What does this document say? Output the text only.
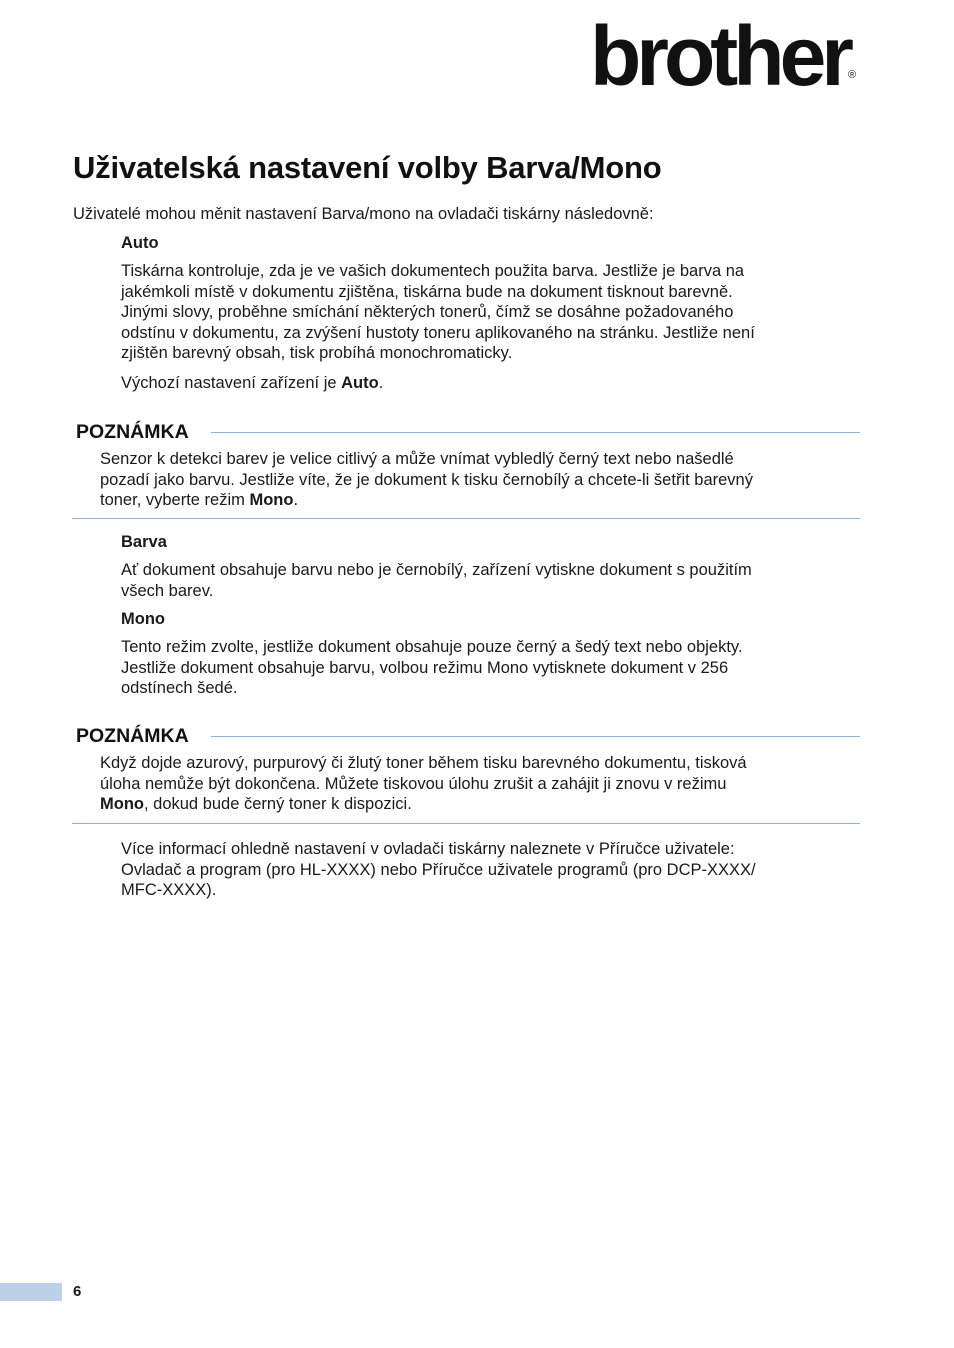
brother ®
Uživatelská nastavení volby Barva/Mono

Uživatelé mohou měnit nastavení Barva/mono na ovladači tiskárny následovně:

Auto

Tiskárna kontroluje, zda je ve vašich dokumentech použita barva. Jestliže je barva na
jakémkoli místě v dokumentu zjištěna, tiskárna bude na dokument tisknout barevně.
Jinými slovy, proběhne smíchání některých tonerů, čímž se dosáhne požadovaného
odstínu v dokumentu, za zvýšení hustoty toneru aplikovaného na stránku. Jestliže není
zjištěn barevný obsah, tisk probíhá monochromaticky.

Výchozí nastavení zařízení je Auto.

POZNÁMKA
Senzor k detekci barev je velice citlivý a může vnímat vybledlý černý text nebo našedlé
pozadí jako barvu. Jestliže víte, že je dokument k tisku černobílý a chcete-li šetřit barevný
toner, vyberte režim Mono.

Barva

Ať dokument obsahuje barvu nebo je černobílý, zařízení vytiskne dokument s použitím
všech barev.

Mono

Tento režim zvolte, jestliže dokument obsahuje pouze černý a šedý text nebo objekty.
Jestliže dokument obsahuje barvu, volbou režimu Mono vytisknete dokument v 256
odstínech šedé.
POZNÁMKA
Když dojde azurový, purpurový či žlutý toner během tisku barevného dokumentu, tisková
úloha nemůže být dokončena. Můžete tiskovou úlohu zrušit a zahájit ji znovu v režimu
Mono, dokud bude černý toner k dispozici.
Více informací ohledně nastavení v ovladači tiskárny naleznete v Příručce uživatele:
Ovladač a program (pro HL-XXXX) nebo Příručce uživatele programů (pro DCP-XXXX/
MFC-XXXX).

6
